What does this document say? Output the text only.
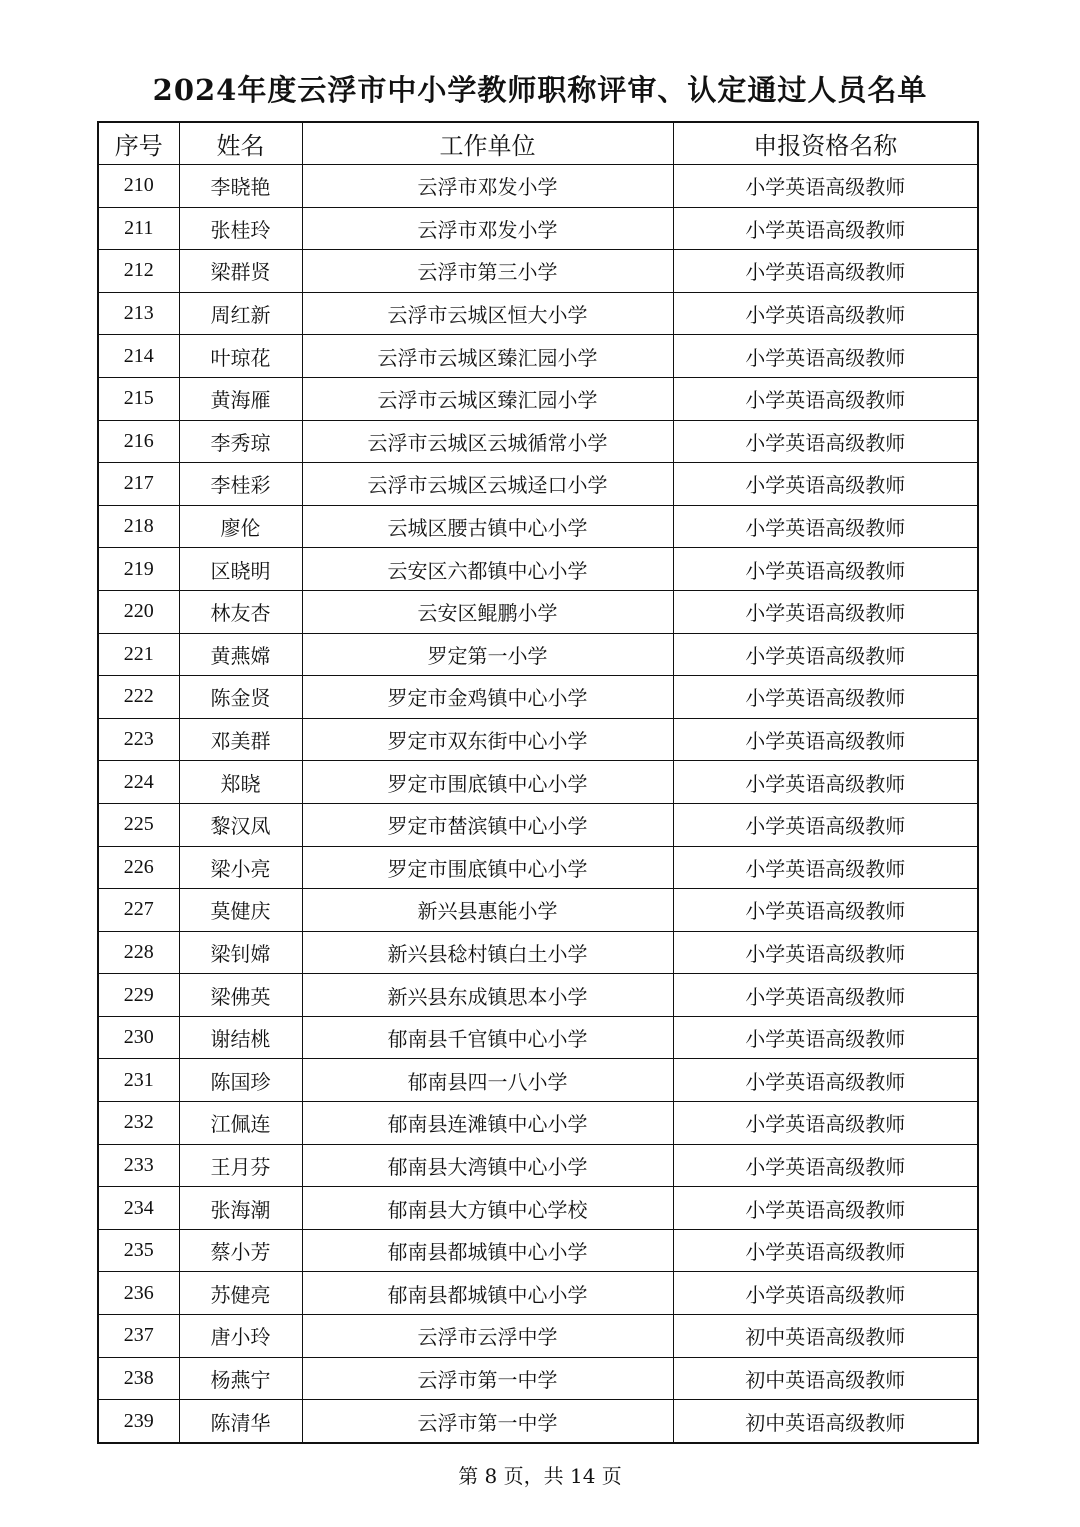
2024年度云浮市中小学教师职称评审、认定通过人员名单
序号	姓名	工作单位	申报资格名称
210	李晓艳	云浮市邓发小学	小学英语高级教师
211	张桂玲	云浮市邓发小学	小学英语高级教师
212	梁群贤	云浮市第三小学	小学英语高级教师
213	周红新	云浮市云城区恒大小学	小学英语高级教师
214	叶琼花	云浮市云城区臻汇园小学	小学英语高级教师
215	黄海雁	云浮市云城区臻汇园小学	小学英语高级教师
216	李秀琼	云浮市云城区云城循常小学	小学英语高级教师
217	李桂彩	云浮市云城区云城迳口小学	小学英语高级教师
218	廖伦	云城区腰古镇中心小学	小学英语高级教师
219	区晓明	云安区六都镇中心小学	小学英语高级教师
220	林友杏	云安区鲲鹏小学	小学英语高级教师
221	黄燕嫦	罗定第一小学	小学英语高级教师
222	陈金贤	罗定市金鸡镇中心小学	小学英语高级教师
223	邓美群	罗定市双东街中心小学	小学英语高级教师
224	郑晓	罗定市围底镇中心小学	小学英语高级教师
225	黎汉凤	罗定市榃滨镇中心小学	小学英语高级教师
226	梁小亮	罗定市围底镇中心小学	小学英语高级教师
227	莫健庆	新兴县惠能小学	小学英语高级教师
228	梁钊嫦	新兴县稔村镇白土小学	小学英语高级教师
229	梁佛英	新兴县东成镇思本小学	小学英语高级教师
230	谢结桃	郁南县千官镇中心小学	小学英语高级教师
231	陈国珍	郁南县四一八小学	小学英语高级教师
232	江佩连	郁南县连滩镇中心小学	小学英语高级教师
233	王月芬	郁南县大湾镇中心小学	小学英语高级教师
234	张海潮	郁南县大方镇中心学校	小学英语高级教师
235	蔡小芳	郁南县都城镇中心小学	小学英语高级教师
236	苏健亮	郁南县都城镇中心小学	小学英语高级教师
237	唐小玲	云浮市云浮中学	初中英语高级教师
238	杨燕宁	云浮市第一中学	初中英语高级教师
239	陈清华	云浮市第一中学	初中英语高级教师
第 8 页，共 14 页
